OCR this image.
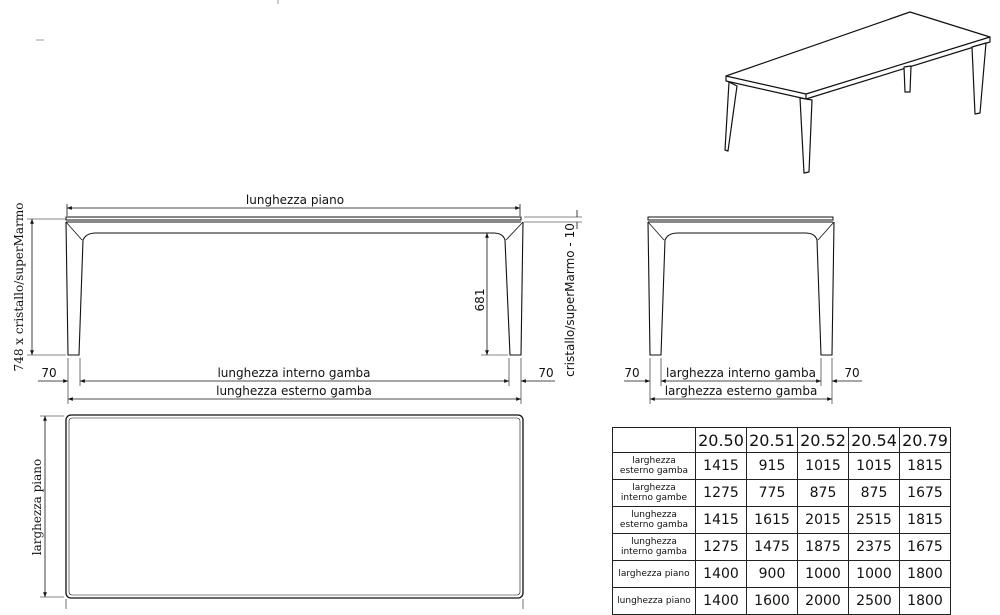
lunghezza piano
748 x cristallo/superMarmo	681	cristallo/superMarmo - 10
70	lunghezza interno gamba	70
lunghezza esterno gamba
70 larghezza interno gamba 70
larghezza esterno gamba
larghezza piano
	20.50	20.51	20.52	20.54	20.79
larghezza
esterno gamba	1415	915	1015	1015	1815
larghezza
interno gambe	1275	775	875	875	1675
lunghezza
esterno gamba	1415	1615	2015	2515	1815
lunghezza
interno gamba	1275	1475	1875	2375	1675
larghezza piano	1400	900	1000	1000	1800
lunghezza piano	1400	1600	2000	2500	1800
